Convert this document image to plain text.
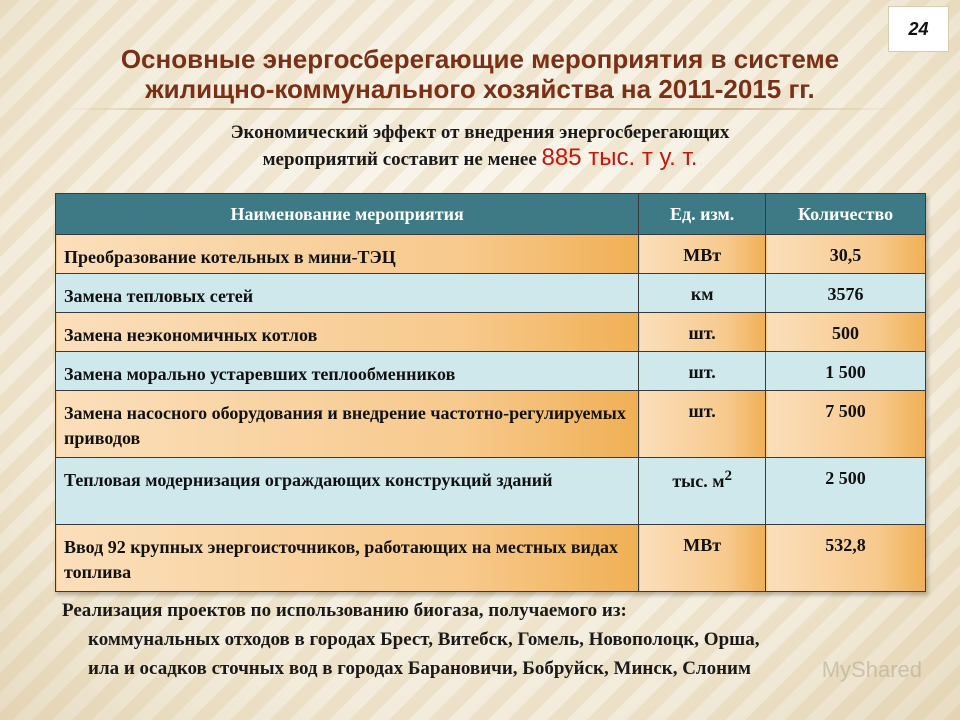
24
Основные энергосберегающие мероприятия в системе
жилищно-коммунального хозяйства на 2011-2015 гг.

Экономический эффект от внедрения энергосберегающих
мероприятий составит не менее 885 тыс. т у. т.

Наименование мероприятия	Ед. изм.	Количество
Преобразование котельных в мини-ТЭЦ	МВт	30,5
Замена тепловых сетей	км	3576
Замена неэкономичных котлов	шт.	500
Замена морально устаревших теплообменников	шт.	1 500
Замена насосного оборудования и внедрение частотно-регулируемых приводов	шт.	7 500
Тепловая модернизация ограждающих конструкций зданий	тыс. $м^2$	2 500
Ввод 92 крупных энергоисточников, работающих на местных видах топлива	МВт	532,8
Реализация проектов по использованию биогаза, получаемого из:
коммунальных отходов в городах Брест, Витебск, Гомель, Новополоцк, Орша,
ила и осадков сточных вод в городах Барановичи, Бобруйск, Минск, Слоним	MyShared
